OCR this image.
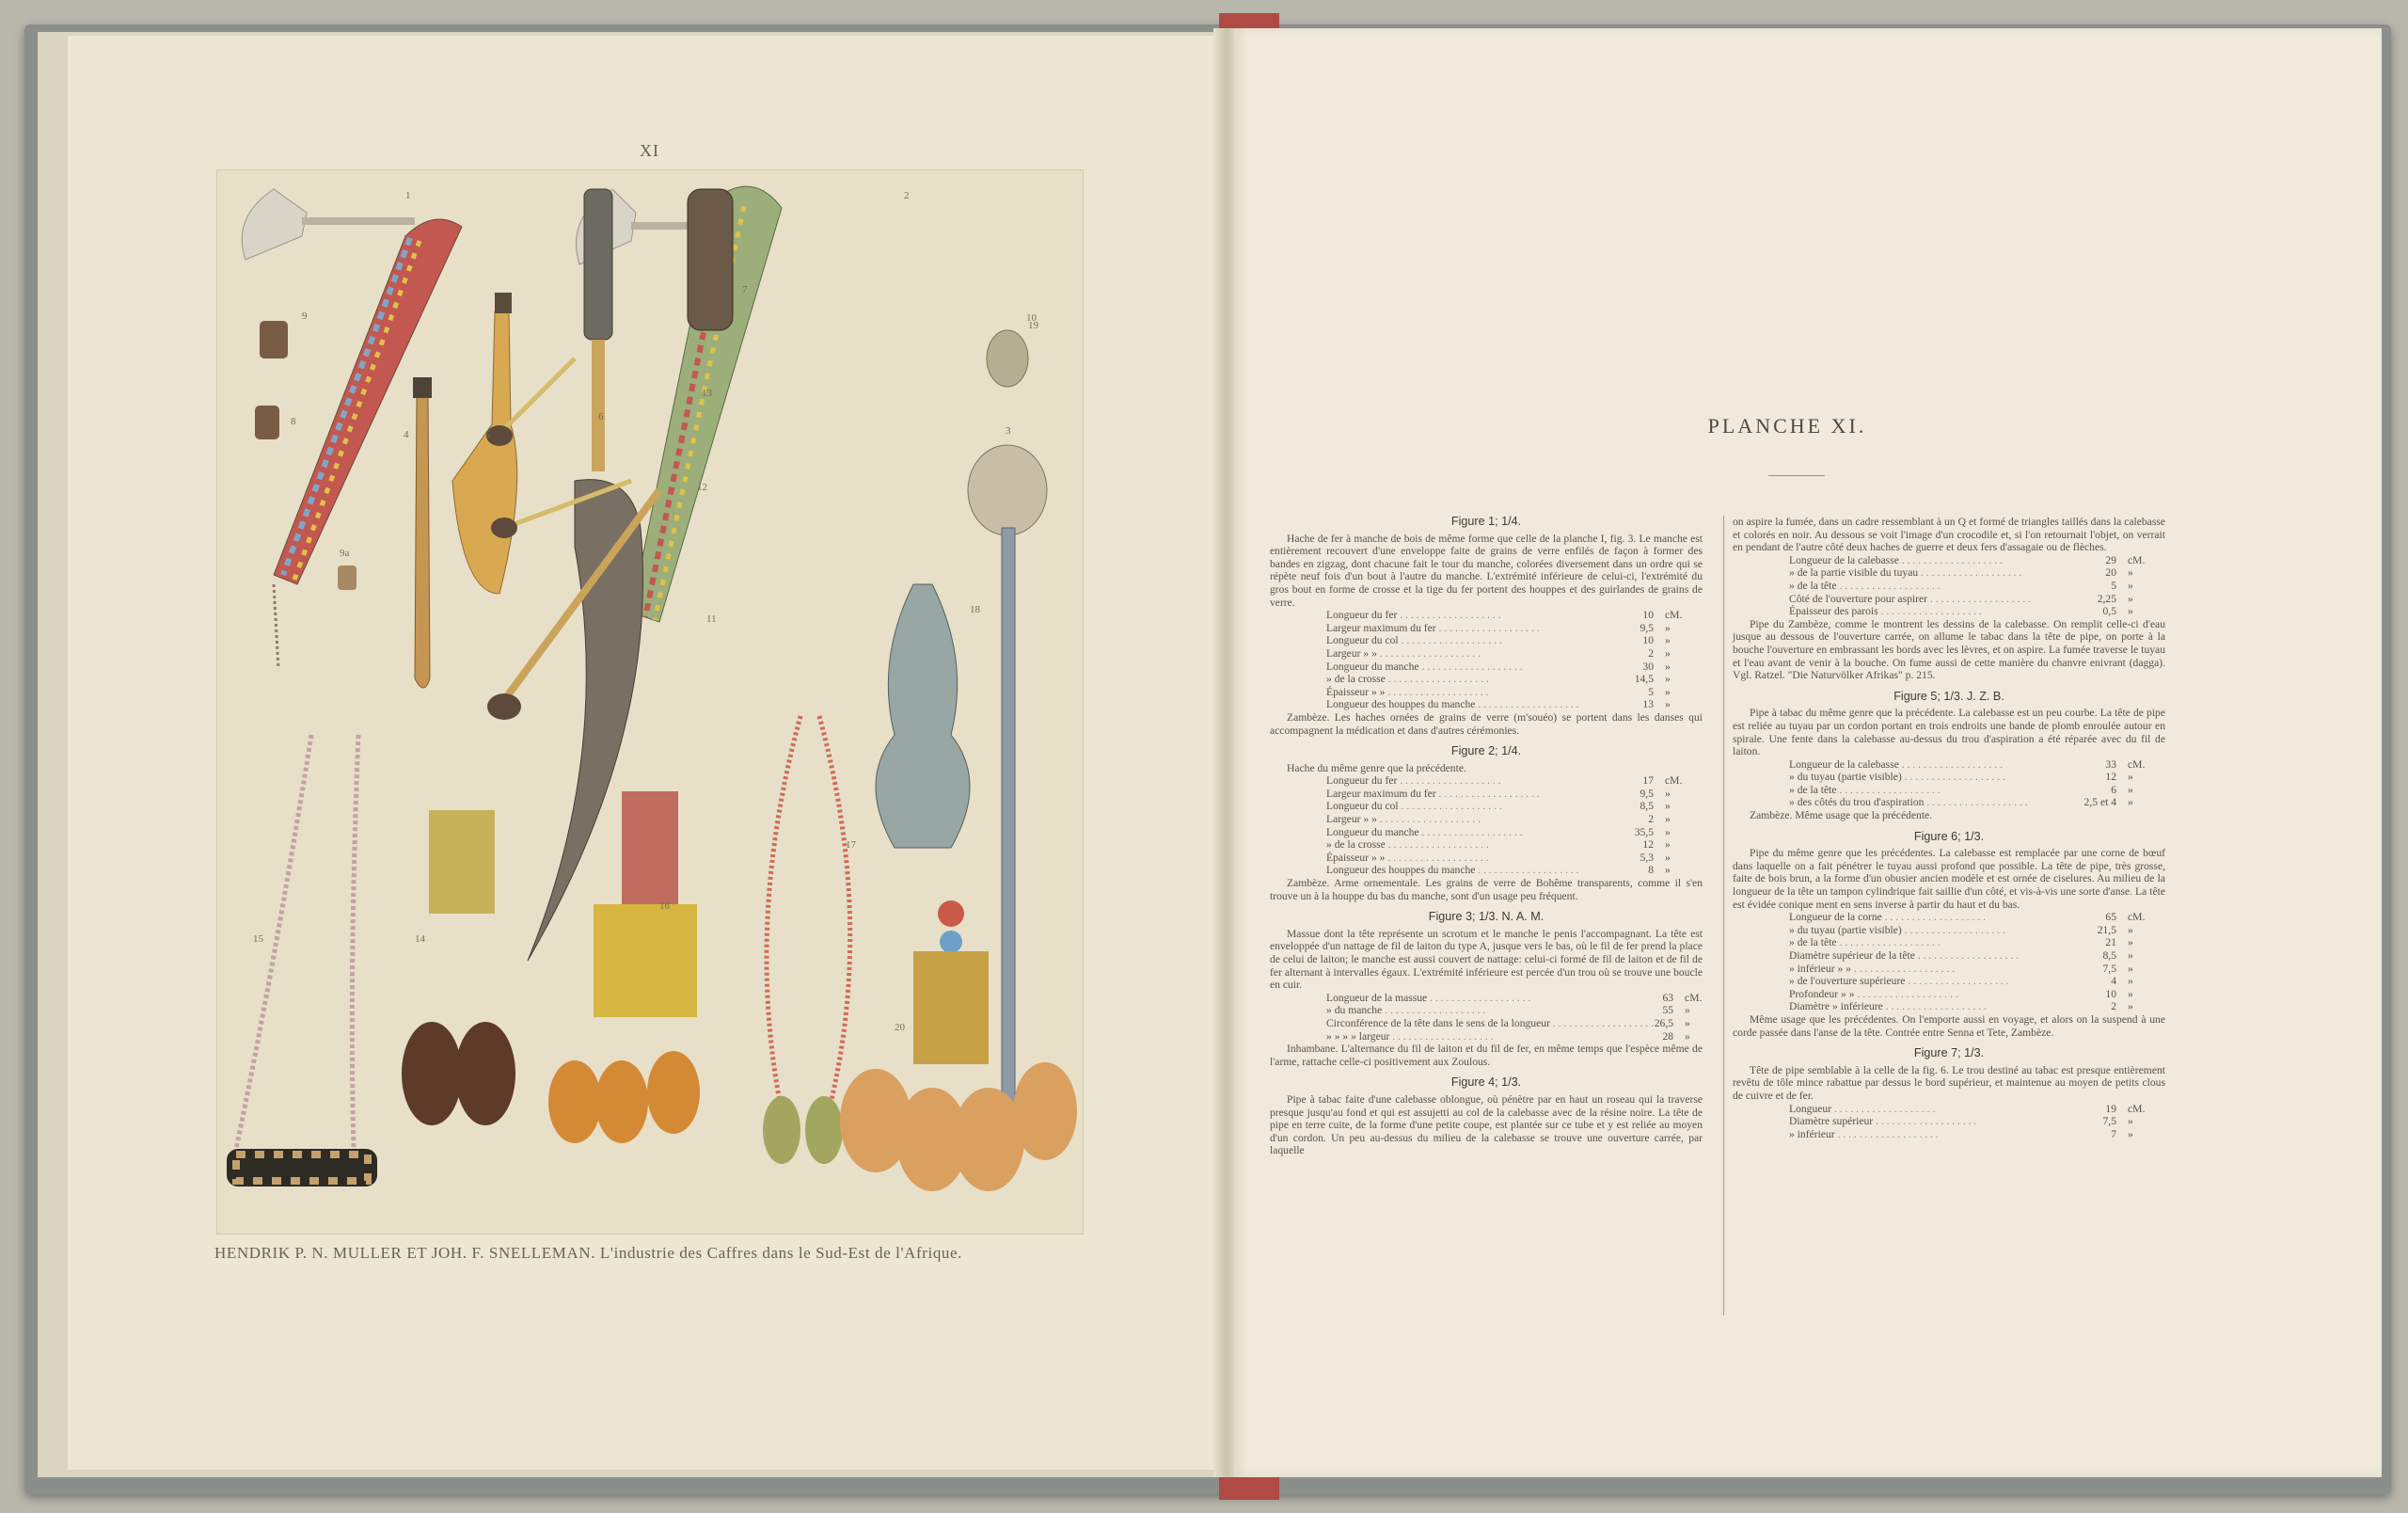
XI
1	2
3
4	5
6
7
8
9
9a
10
11
12
13
14
15
16
17
18
19
20
HENDRIK P. N. MULLER ET JOH. F. SNELLEMAN. L'industrie des Caffres dans le Sud-Est de l'Afrique.
PLANCHE XI.
Figure 1; 1/4.

Hache de fer à manche de bois de même forme que celle de la planche I, fig. 3. Le manche est entièrement recouvert d'une enveloppe faite de grains de verre enfilés de façon à former des bandes en zigzag, dont chacune fait le tour du manche, colorées diversement dans un ordre qui se répète neuf fois d'un bout à l'autre du manche. L'extrémité inférieure de celui-ci, l'extrémité du gros bout en forme de crosse et la tige du fer portent des houppes et des guirlandes de grains de verre.

Longueur du fer . . .	10	cM.
Largeur maximum du fer . . .	9,5	»
Longueur du col . . .	10	»
Largeur » » . . .	2	»
Longueur du manche . . .	30	»
» de la crosse . . .	14,5	»
Épaisseur » » . . .	5	»
Longueur des houppes du manche . . .	13	»

Zambèze. Les haches ornées de grains de verre (m'souéo) se portent dans les danses qui accompagnent la médication et dans d'autres cérémonies.

Figure 2; 1/4.

Hache du même genre que la précédente.

Longueur du fer . . .	17	cM.
Largeur maximum du fer . . .	9,5	»
Longueur du col . . .	8,5	»
Largeur » » . . .	2	»
Longueur du manche . . .	35,5	»
» de la crosse . . .	12	»
Épaisseur » » . . .	5,3	»
Longueur des houppes du manche . . .	8	»

Zambèze. Arme ornementale. Les grains de verre de Bohême transparents, comme il s'en trouve un à la houppe du bas du manche, sont d'un usage peu fréquent.

Figure 3; 1/3. N. A. M.

Massue dont la tête représente un scrotum et le manche le penis l'accompagnant. La tête est enveloppée d'un nattage de fil de laiton du type A, jusque vers le bas, où le fil de fer prend la place de celui de laiton; le manche est aussi couvert de nattage: celui-ci formé de fil de laiton et de fil de fer alternant à intervalles égaux. L'extrémité inférieure est percée d'un trou où se trouve une boucle en cuir.

Longueur de la massue . . .	63	cM.
» du manche . . .	55	»
Circonférence de la tête dans le sens de la longueur . . .	26,5	»
» » » » largeur . . .	28	»

Inhambane. L'alternance du fil de laiton et du fil de fer, en même temps que l'espèce même de l'arme, rattache celle-ci positivement aux Zoulous.

Figure 4; 1/3.

Pipe à tabac faite d'une calebasse oblongue, où pénètre par en haut un roseau qui la traverse presque jusqu'au fond et qui est assujetti au col de la calebasse avec de la résine noire. La tête de pipe en terre cuite, de la forme d'une petite coupe, est plantée sur ce tube et y est reliée au moyen d'un cordon. Un peu au-dessus du milieu de la calebasse se trouve une ouverture carrée, par laquelle

on aspire la fumée, dans un cadre ressemblant à un Q et formé de triangles taillés dans la calebasse et colorés en noir. Au dessous se voit l'image d'un crocodile et, si l'on retournait l'objet, on verrait en pendant de l'autre côté deux haches de guerre et deux fers d'assagaie ou de flèches.

Longueur de la calebasse . . .	29	cM.
» de la partie visible du tuyau . . .	20	»
» de la tête . . .	5	»
Côté de l'ouverture pour aspirer . . .	2,25	»
Épaisseur des parois . . .	0,5	»

Pipe du Zambèze, comme le montrent les dessins de la calebasse. On remplit celle-ci d'eau jusque au dessous de l'ouverture carrée, on allume le tabac dans la tête de pipe, on porte à la bouche l'ouverture en embrassant les bords avec les lèvres, et on aspire. La fumée traverse le tuyau et l'eau avant de venir à la bouche. On fume aussi de cette manière du chanvre enivrant (dagga). Vgl. Ratzel. "Die Naturvölker Afrikas" p. 215.

Figure 5; 1/3. J. Z. B.

Pipe à tabac du même genre que la précédente. La calebasse est un peu courbe. La tête de pipe est reliée au tuyau par un cordon portant en trois endroits une bande de plomb enroulée autour en spirale. Une fente dans la calebasse au-dessus du trou d'aspiration a été réparée avec du fil de laiton.

Longueur de la calebasse . . .	33	cM.
» du tuyau (partie visible) . . .	12	»
» de la tête . . .	6	»
» des côtés du trou d'aspiration . . .	2,5 et 4	»

Zambèze. Même usage que la précédente.

Figure 6; 1/3.

Pipe du même genre que les précédentes. La calebasse est remplacée par une corne de bœuf dans laquelle on a fait pénétrer le tuyau aussi profond que possible. La tête de pipe, très grosse, faite de bois brun, a la forme d'un obusier ancien modèle et est ornée de ciselures. Au milieu de la longueur de la tête un tampon cylindrique fait saillie d'un côté, et vis-à-vis une sorte d'anse. La tête est évidée conique ment en sens inverse à partir du haut et du bas.

Longueur de la corne . . .	65	cM.
» du tuyau (partie visible) . . .	21,5	»
» de la tête . . .	21	»
Diamètre supérieur de la tête . . .	8,5	»
» inférieur » » . . .	7,5	»
» de l'ouverture supérieure . . .	4	»
Profondeur » » . . .	10	»
Diamètre » inférieure . . .	2	»

Même usage que les précédentes. On l'emporte aussi en voyage, et alors on la suspend à une corde passée dans l'anse de la tête. Contrée entre Senna et Tete, Zambèze.

Figure 7; 1/3.

Tête de pipe semblable à la celle de la fig. 6. Le trou destiné au tabac est presque entièrement revêtu de tôle mince rabattue par dessus le bord supérieur, et maintenue au moyen de petits clous de cuivre et de fer.

Longueur . . .	19	cM.
Diamètre supérieur . . .	7,5	»
» inférieur . . .	7	»
